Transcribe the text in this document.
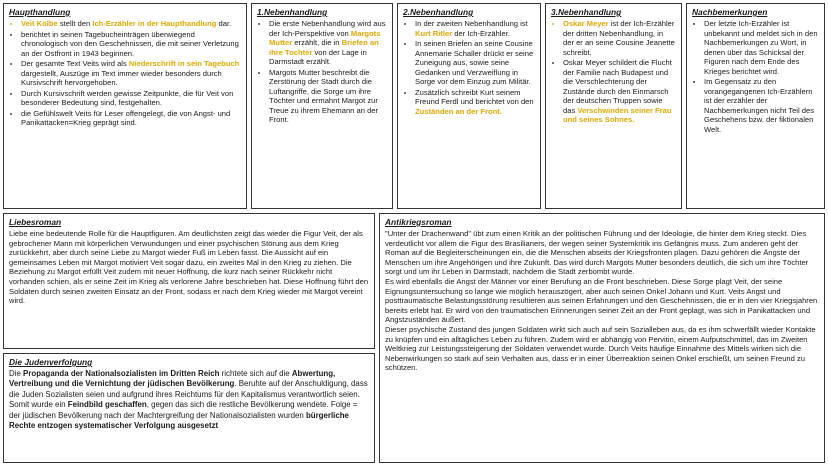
Haupthandlung
• Veit Kolbe stellt den Ich-Erzähler in der Haupthandlung dar.
• berichtet in seinen Tagebucheinträgen überwiegend chronologisch von den Geschehnissen, die mit seiner Verletzung an der Ostfront in 1943 beginnen.
• Der gesamte Text Veits wird als Niederschrift in sein Tagebuch dargestellt, Auszüge im Text immer wieder besonders durch Kursivschrift hervorgehoben.
• Durch Kursivschrift werden gewisse Zeitpunkte, die für Veit von besonderer Bedeutung sind, festgehalten.
• die Gefühlswelt Veits für Leser offengelegt, die von Angst- und Panikattacken=Krieg geprägt sind.
1.Nebenhandlung
• Die erste Nebenhandlung wird aus der Ich-Perspektive von Margots Mutter erzählt, die in Briefen an ihre Tochter von der Lage in Darmstadt erzählt.
• Margots Mutter beschreibt die Zerstörung der Stadt durch die Luftangriffe, die Sorge um ihre Töchter und ermahnt Margot zur Treue zu ihrem Ehemann an der Front.
2.Nebenhandlung
• In der zweiten Nebenhandlung ist Kurt Ritler der Ich-Erzähler.
• In seinen Briefen an seine Cousine Annemarie Schaller drückt er seine Zuneigung aus, sowie seine Gedanken und Verzweiflung in Sorge vor dem Einzug zum Militär.
• Zusätzlich schreibt Kurt seinem Freund Ferdl und berichtet von den Zuständen an der Front.
3.Nebenhandlung
• Oskar Meyer ist der Ich-Erzähler der dritten Nebenhandlung, in der er an seine Cousine Jeanette schreibt.
• Oskar Meyer schildert die Flucht der Familie nach Budapest und die Verschlechterung der Zustände durch den Einmarsch der deutschen Truppen sowie das Verschwinden seiner Frau und seines Sohnes.
Nachbemerkungen
• Der letzte Ich-Erzähler ist unbekannt und meldet sich in den Nachbemerkungen zu Wort, in denen über das Schicksal der Figuren nach dem Ende des Krieges berichtet wird.
• Im Gegensatz zu den vorangegangenen Ich-Erzählern ist der erzähler der Nachbemerkungen nicht Teil des Geschehens bzw. der fiktionalen Welt.
Liebesroman

Liebe eine bedeutende Rolle für die Hauptfiguren. Am deutlichsten zeigt das wieder die Figur Veit, der als gebrochener Mann mit körperlichen Verwundungen und einer psychischen Störung aus dem Krieg zurückkehrt, aber durch seine Liebe zu Margot wieder Fuß im Leben fasst. Die Aussicht auf ein gemeinsames Leben mit Margot motiviert Veit sogar dazu, ein zweites Mal in den Krieg zu ziehen. Die Beziehung zu Margot erfüllt Veit zudem mit neuer Hoffnung, die kurz nach seiner Rückkehr nicht vorhanden schien, als er seine Zeit im Krieg als verlorene Jahre beschrieben hat. Diese Hoffnung führt den Soldaten durch seinen zweiten Einsatz an der Front, sodass er nach dem Krieg wieder mit Margot vereint wird.

Die Judenverfolgung

Die Propaganda der Nationalsozialisten im Dritten Reich richtete sich auf die Abwertung, Vertreibung und die Vernichtung der jüdischen Bevölkerung. Beruhte auf der Anschuldigung, dass die Juden Sozialisten seien und aufgrund ihres Reichtums für den Kapitalismus verantwortlich seien. Somit wurde ein Feindbild geschaffen, gegen das sich die restliche Bevölkerung wendete. Folge = der jüdischen Bevölkerung nach der Machtergreifung der Nationalsozialisten wurden bürgerliche Rechte entzogen systematischer Verfolgung ausgesetzt

Antikriegsroman

"Unter der Drachenwand" übt zum einen Kritik an der politischen Führung und der Ideologie, die hinter dem Krieg steckt. Dies verdeutlicht vor allem die Figur des Brasilianers, der wegen seiner Systemkritik ins Gefängnis muss. Zum anderen geht der Roman auf die Begleiterscheinungen ein, die die Menschen abseits der Kriegsfronten plagen. Dazu gehören die Ängste der Menschen um ihre Angehörigen und ihre Zukunft. Das wird durch Margots Mutter besonders deutlich, die sich um ihre Töchter sorgt und um ihr Leben in Darmstadt, nachdem die Stadt zerbombt wurde.

Es wird ebenfalls die Angst der Männer vor einer Berufung an die Front beschrieben. Diese Sorge plagt Veit, der seine Eignungsuntersuchung so lange wie möglich herauszögert, aber auch seinen Onkel Johann und Kurt. Veits Angst und posttraumatische Belastungsstörung resultieren aus seinen Erfahrungen und den Geschehnissen, die er in den vier Kriegsjahren bereits erlebt hat. Er wird von den traumatischen Erinnerungen seiner Zeit an der Front geplagt, was sich in Panikattacken und Angstzuständen äußert.

Dieser psychische Zustand des jungen Soldaten wirkt sich auch auf sein Sozialleben aus, da es ihm schwerfällt wieder Kontakte zu knüpfen und ein alltägliches Leben zu führen. Zudem wird er abhängig von Pervitin, einem Aufputschmittel, das im Zweiten Weltkrieg zur Leistungssteigerung der Soldaten verwendet wurde. Durch Veits häufige Einnahme des Mittels wirken sich die Nebenwirkungen so stark auf sein Verhalten aus, dass er in einer Überreaktion seinen Onkel erschießt, um seinen Freund zu schützen.
